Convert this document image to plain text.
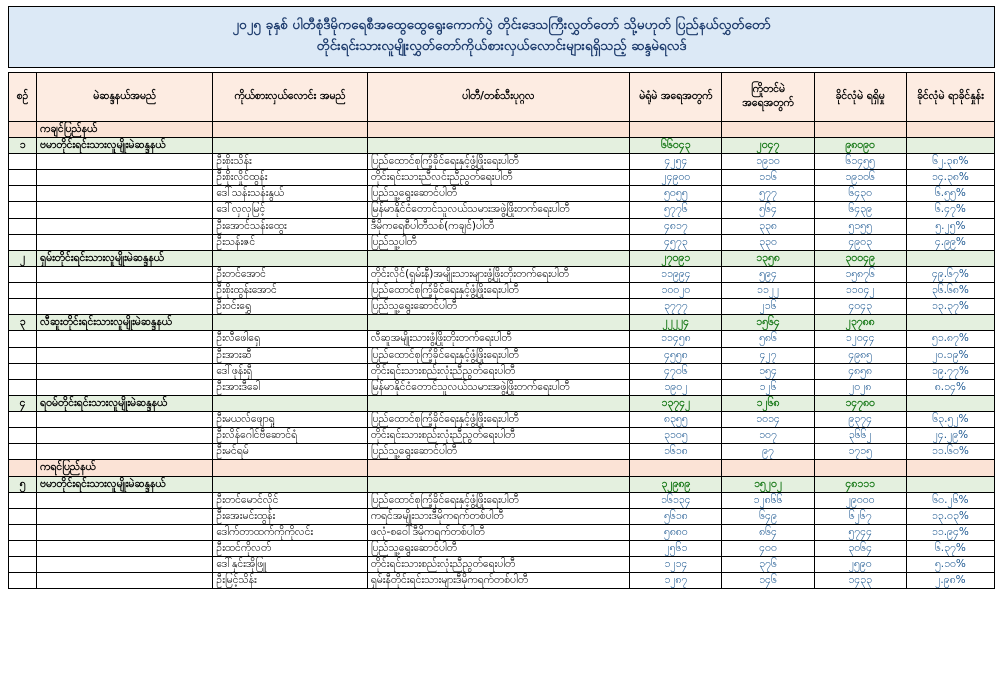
၂၀၂၅ ခုနှစ် ပါတီစုံဒီမိုကရေစီအထွေထွေရွေးကောက်ပွဲ တိုင်းဒေသကြီးလွှတ်တော် သို့မဟုတ် ပြည်နယ်လွှတ်တော်
တိုင်းရင်းသားလူမျိုးလွှတ်တော်ကိုယ်စားလှယ်လောင်းများရရှိသည့် ဆန္ဒမဲရလဒ်
စဉ်	မဲဆန္ဒနယ်အမည်	ကိုယ်စားလှယ်လောင်း အမည်	ပါတီ/တစ်သီးပုဂ္ဂလ	မဲရုံမဲ အရေအတွက်	ကြိုတင်မဲ အရေအတွက်	ခိုင်လုံမဲ ရရှိမှု	ခိုင်လုံမဲ ရာခိုင်နှုန်း
	ကချင်ပြည်နယ်						
၁	ဗမာတိုင်းရင်းသားလူမျိုးမဲဆန္ဒနယ်			၆၆၀၄၃	၂၀၄၇	၉၈၀၉၀	
		ဦးစိုးသိန်း	ပြည်ထောင်စုကြံ့ခိုင်ရေးနှင့်ဖွံ့ဖြိုးရေးပါတီ	၄၂၅၄	၁၉၁၀	၆၁၄၅၅	၆၂.၃၈%
		ဦးစိုးလှိုင်ထွန်း	တိုင်းရင်းသားညီလင်းညီညွတ်ရေးပါတီ	၂၄၉၀၀	၁၁၆	၁၉၁၀၆	၁၄.၃၈%
		ဒေါ်သန်းသန်းနွယ်	ပြည်သူ့ရွေးဆောင်ပါတီ	၅၀၅၅	၅၇၇	၆၄၃၀	၆.၅၅%
		ဒေါ်လှလှမြင့်	မြန်မာနိုင်ငံတောင်သူလယ်သမားအဖွဲ့ဖြိုးတက်ရေးပါတီ	၅၇၇၆	၅၆၄	၆၄၃၉	၆.၄၇%
		ဦးအောင်သန်းထွေး	ဒီမိုကရေစီပါတီသစ်(ကချင်)ပါတီ	၄၈၁၇	၃၃၈	၅၁၅၅	၅.၂၅%
		ဦးသန်းဇင်	ပြည်သူ့ပါတီ	၄၅၇၃	၃၃၀	၄၉၀၃	၄.၉၉%
၂	ရှမ်းတိုင်းရင်းသားလူမျိုးမဲဆန္ဒနယ်			၂၇၀၉၁	၁၃၅၈	၃၀၀၄၉	
		ဦးတင်အောင်	တိုင်းလိုင်(ရှမ်းနီ)အမျိုးသားများဖွံ့ဖြိုးတိုးတက်ရေးပါတီ	၁၁၉၉၄	၅၉၄	၁၅၈၇၆	၄၉.၆၇%
		ဦးစိုးထွန်းအောင်	ပြည်ထောင်စုကြံ့ခိုင်ရေးနှင့်ဖွံ့ဖြိုးရေးပါတီ	၁၀၀၂၀	၁၁၂၂	၁၁၀၄၂	၃၆.၆၈%
		ဦးဝင်းရွှေ	ပြည်သူ့ရွေးဆောင်ပါတီ	၃၇၇၇	၂၁၆	၄၀၄၃	၁၃.၃၇%
၃	လီဆူးတိုင်းရင်းသားလူမျိုးမဲဆန္ဒနယ်			၂၂၂၂၄	၁၅၆၄	၂၃၇၈၈	
		ဦးလီဖေါရှေ	လီဆူအမျိုးသားဖွံ့ဖြိုးတိုးတက်ရေးပါတီ	၁၁၄၅၈	၅၈၆	၁၂၀၄၄	၅၁.၈၇%
		ဦးအားဆီ	ပြည်ထောင်စုကြံ့ခိုင်ရေးနှင့်ဖွံ့ဖြိုးရေးပါတီ	၄၅၅၈	၄၂၇	၄၉၈၅	၂၀.၁၉%
		ဒေါ်ဖုန်းရှီ	တိုင်းရင်းသားစည်းလုံးညီညွတ်ရေးပါတီ	၄၇၀၆	၁၅၄	၄၈၅၈	၁၉.၇၇%
		ဦးအားဒီခေါ	မြန်မာနိုင်ငံတောင်သူလယ်သမားအဖွဲ့ဖြိုးတက်ရေးပါတီ	၁၉၀၂	၁၂၆	၂၀၂၈	၈.၁၄%
၄	ရဝမ်တိုင်းရင်းသားလူမျိုးမဲဆန္ဒနယ်			၁၃၇၄၂	၁၂၆၈	၁၄၇၈၀	
		ဦးမယလ်ဖျောရှု	ပြည်ထောင်စုကြံ့ခိုင်ရေးနှင့်ဖွံ့ဖြိုးရေးပါတီ	၈၃၅၅	၁၀၁၄	၉၃၇၄	၆၃.၅၂%
		ဦးလိန်ဂေါင်ဗီဆောင်ရံ	တိုင်းရင်းသားစည်းလုံးညီညွတ်ရေးပါတီ	၃၁၀၅	၁၀၇	၃၆၆၂	၂၄.၂၉%
		ဦးမင်ရမ်	ပြည်သူ့ရွေးဆောင်ပါတီ	၁၆၁၈	၉၇	၁၇၁၅	၁၁.၆၀%
	ကရင်ပြည်နယ်						
၅	ဗမာတိုင်းရင်းသားလူမျိုးမဲဆန္ဒနယ်			၃၂၉၈၉	၁၅၂၀၂	၄၈၁၁၁	
		ဦးတင်မောင်လိုင်	ပြည်ထောင်စုကြံ့ခိုင်ရေးနှင့်ဖွံ့ဖြိုးရေးပါတီ	၁၆၁၃၄	၁၂၈၆၆	၂၉၀၀၀	၆၀.၂၆%
		ဦးအေးမင်းထွန်း	ကရင်အမျိုးသားဒီမိုကရက်တစ်ပါတီ	၅၆၁၈	၆၄၉	၆၂၆၇	၁၃.၀၃%
		ဒေါက်တာထက်ကိုကိုလင်း	ဖလုံ-စဝေါ်ဒီမိုကရက်တစ်ပါတီ	၅၈၈၀	၈၆၄	၅၇၄၄	၁၁.၉၄%
		ဦးထင်ကိုလတ်	ပြည်သူ့ရွေးဆောင်ပါတီ	၂၅၆၁	၄၀၀	၃၀၆၄	၆.၃၇%
		ဒေါ်နှင်းအိုဖြူ	တိုင်းရင်းသားစည်းလုံးညီညွတ်ရေးပါတီ	၁၂၁၄	၃၇၆	၂၅၉၀	၅.၁၀%
		ဦးမြင့်သိန်း	ရှမ်းနီတိုင်းရင်းသားများဒီမိုကရက်တစ်ပါတီ	၁၂၈၇	၁၄၆	၁၄၃၃	၂.၉၈%
